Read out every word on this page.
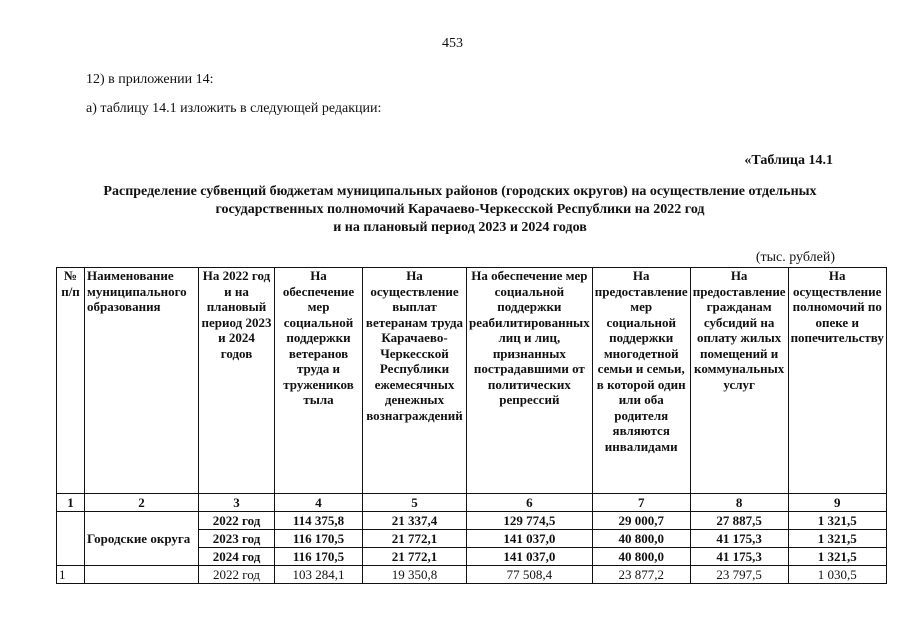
453
12) в приложении 14:
а) таблицу 14.1 изложить в следующей редакции:
«Таблица 14.1
Распределение субвенций бюджетам муниципальных районов (городских округов) на осуществление отдельных
государственных полномочий Карачаево-Черкесской Республики на 2022 год
и на плановый период 2023 и 2024 годов
(тыс. рублей)
№ п/п	Наименование муниципального образования	На 2022 год и на плановый период 2023 и 2024 годов	На обеспечение мер социальной поддержки ветеранов труда и тружеников тыла	На осуществление выплат ветеранам труда Карачаево-Черкесской Республики ежемесячных денежных вознаграждений	На обеспечение мер социальной поддержки реабилитированных лиц и лиц, признанных пострадавшими от политических репрессий	На предоставление мер социальной поддержки многодетной семьи и семьи, в которой один или оба родителя являются инвалидами	На предоставление гражданам субсидий на оплату жилых помещений и коммунальных услуг	На осуществление полномочий по опеке и попечительству
1	2	3	4	5	6	7	8	9
	Городские округа	2022 год	114 375,8	21 337,4	129 774,5	29 000,7	27 887,5	1 321,5
		2023 год	116 170,5	21 772,1	141 037,0	40 800,0	41 175,3	1 321,5
		2024 год	116 170,5	21 772,1	141 037,0	40 800,0	41 175,3	1 321,5
1		2022 год	103 284,1	19 350,8	77 508,4	23 877,2	23 797,5	1 030,5
